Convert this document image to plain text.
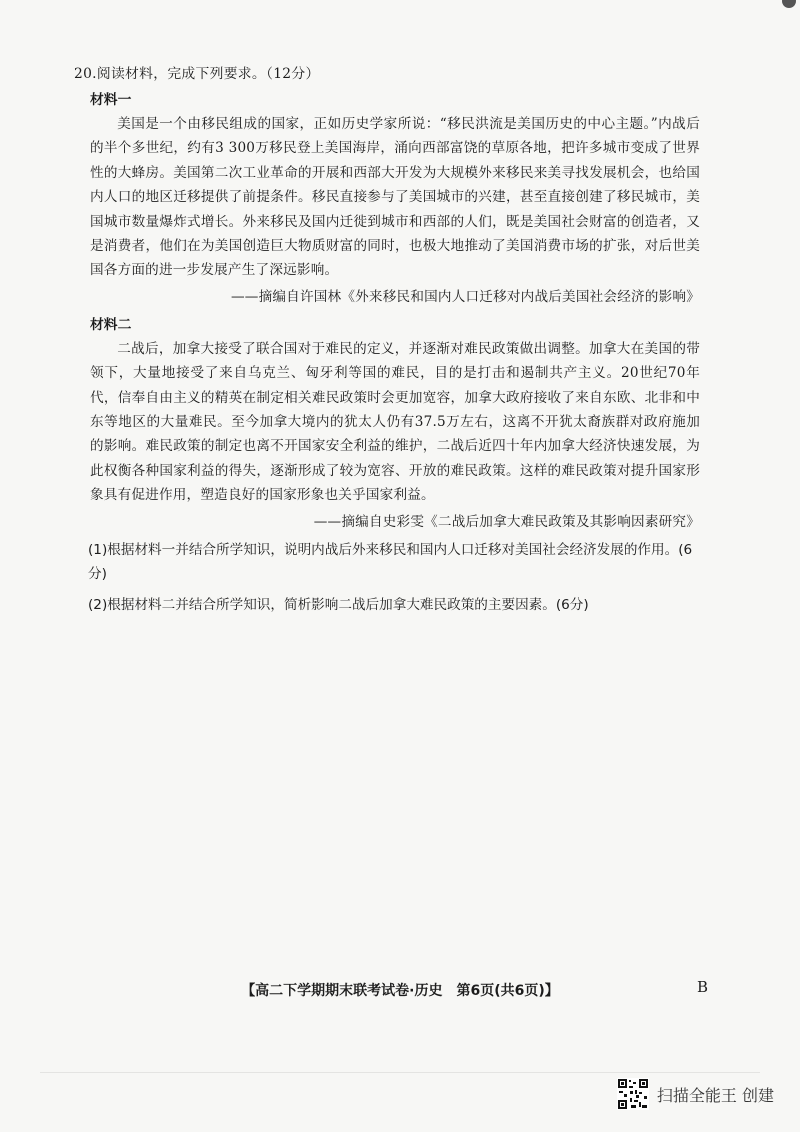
20.阅读材料，完成下列要求。（12分）

材料一

美国是一个由移民组成的国家，正如历史学家所说：“移民洪流是美国历史的中心主题。”内战后的半个多世纪，约有3 300万移民登上美国海岸，涌向西部富饶的草原各地，把许多城市变成了世界性的大蜂房。美国第二次工业革命的开展和西部大开发为大规模外来移民来美寻找发展机会，也给国内人口的地区迁移提供了前提条件。移民直接参与了美国城市的兴建，甚至直接创建了移民城市，美国城市数量爆炸式增长。外来移民及国内迁徙到城市和西部的人们，既是美国社会财富的创造者，又是消费者，他们在为美国创造巨大物质财富的同时，也极大地推动了美国消费市场的扩张，对后世美国各方面的进一步发展产生了深远影响。

——摘编自许国林《外来移民和国内人口迁移对内战后美国社会经济的影响》

材料二

二战后，加拿大接受了联合国对于难民的定义，并逐渐对难民政策做出调整。加拿大在美国的带领下，大量地接受了来自乌克兰、匈牙利等国的难民，目的是打击和遏制共产主义。20世纪70年代，信奉自由主义的精英在制定相关难民政策时会更加宽容，加拿大政府接收了来自东欧、北非和中东等地区的大量难民。至今加拿大境内的犹太人仍有37.5万左右，这离不开犹太裔族群对政府施加的影响。难民政策的制定也离不开国家安全利益的维护，二战后近四十年内加拿大经济快速发展，为此权衡各种国家利益的得失，逐渐形成了较为宽容、开放的难民政策。这样的难民政策对提升国家形象具有促进作用，塑造良好的国家形象也关乎国家利益。

——摘编自史彩雯《二战后加拿大难民政策及其影响因素研究》

(1)根据材料一并结合所学知识，说明内战后外来移民和国内人口迁移对美国社会经济发展的作用。(6分)

(2)根据材料二并结合所学知识，简析影响二战后加拿大难民政策的主要因素。(6分)

【高二下学期期末联考试卷·历史　第6页(共6页)】	B
扫描全能王 创建
